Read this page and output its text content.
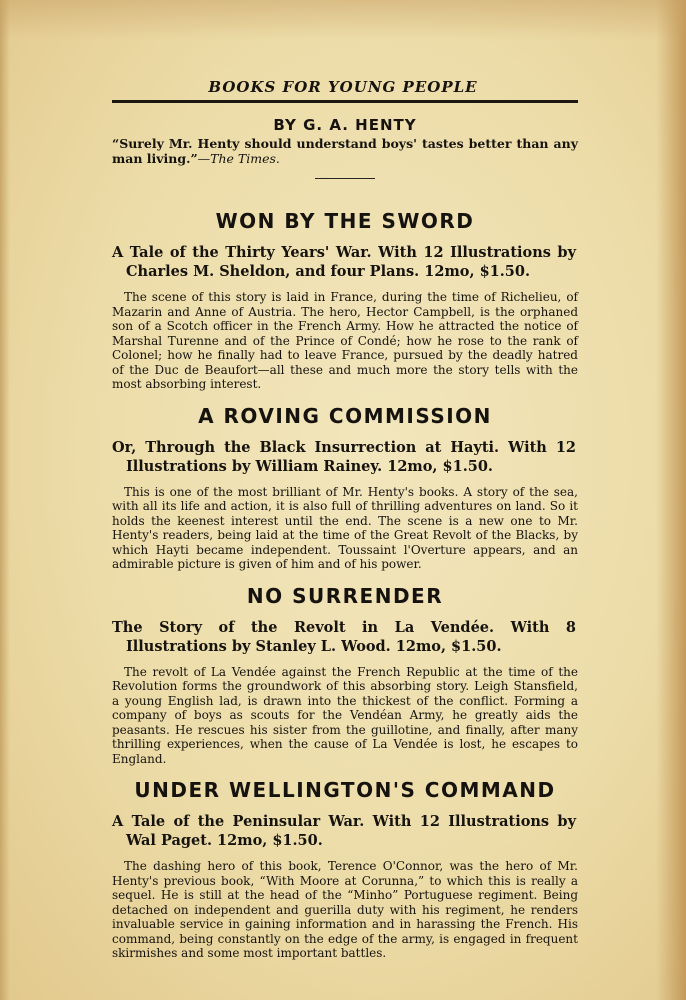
BOOKS FOR YOUNG PEOPLE
BY G. A. HENTY

“Surely Mr. Henty should understand boys' tastes better than any man living.”—The Times.

WON BY THE SWORD

A Tale of the Thirty Years' War. With 12 Illustrations by Charles M. Sheldon, and four Plans. 12mo, $1.50.

The scene of this story is laid in France, during the time of Richelieu, of Mazarin and Anne of Austria. The hero, Hector Campbell, is the orphaned son of a Scotch officer in the French Army. How he attracted the notice of Marshal Turenne and of the Prince of Condé; how he rose to the rank of Colonel; how he finally had to leave France, pursued by the deadly hatred of the Duc de Beaufort—all these and much more the story tells with the most absorbing interest.

A ROVING COMMISSION

Or, Through the Black Insurrection at Hayti. With 12 Illustrations by William Rainey. 12mo, $1.50.

This is one of the most brilliant of Mr. Henty's books. A story of the sea, with all its life and action, it is also full of thrilling adventures on land. So it holds the keenest interest until the end. The scene is a new one to Mr. Henty's readers, being laid at the time of the Great Revolt of the Blacks, by which Hayti became independent. Toussaint l'Overture appears, and an admirable picture is given of him and of his power.

NO SURRENDER

The Story of the Revolt in La Vendée. With 8 Illustrations by Stanley L. Wood. 12mo, $1.50.

The revolt of La Vendée against the French Republic at the time of the Revolution forms the groundwork of this absorbing story. Leigh Stansfield, a young English lad, is drawn into the thickest of the conflict. Forming a company of boys as scouts for the Vendéan Army, he greatly aids the peasants. He rescues his sister from the guillotine, and finally, after many thrilling experiences, when the cause of La Vendée is lost, he escapes to England.

UNDER WELLINGTON'S COMMAND

A Tale of the Peninsular War. With 12 Illustrations by Wal Paget. 12mo, $1.50.

The dashing hero of this book, Terence O'Connor, was the hero of Mr. Henty's previous book, “With Moore at Corunna,” to which this is really a sequel. He is still at the head of the “Minho” Portuguese regiment. Being detached on independent and guerilla duty with his regiment, he renders invaluable service in gaining information and in harassing the French. His command, being constantly on the edge of the army, is engaged in frequent skirmishes and some most important battles.
